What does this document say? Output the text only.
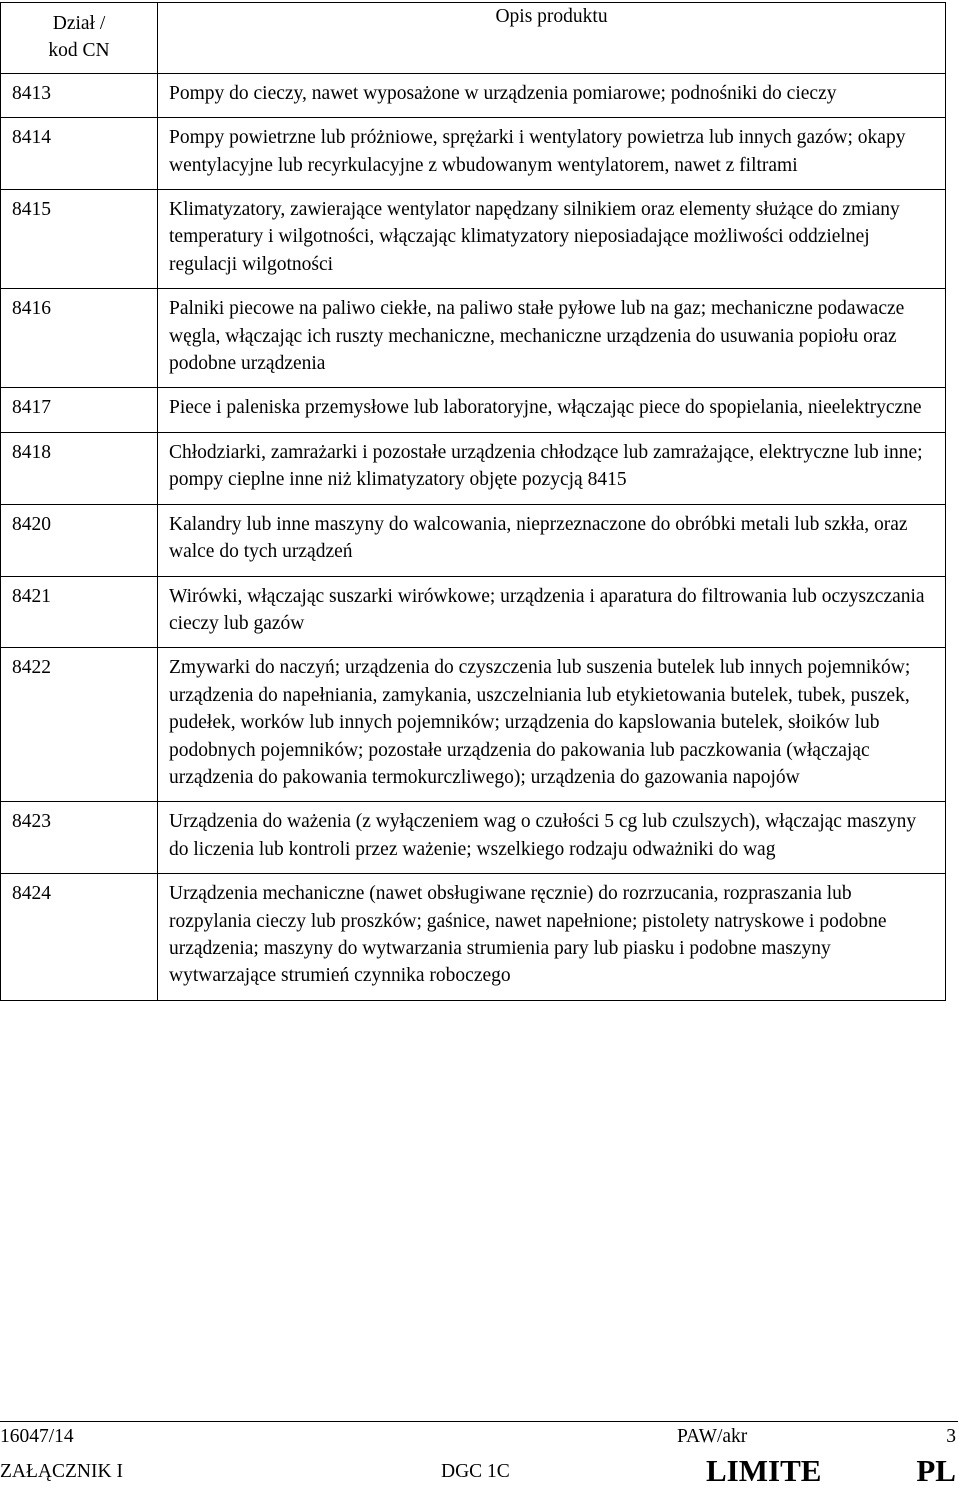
Dział /
kod CN	Opis produktu
8413	Pompy do cieczy, nawet wyposażone w urządzenia pomiarowe; podnośniki do cieczy
8414	Pompy powietrzne lub próżniowe, sprężarki i wentylatory powietrza lub innych gazów; okapy wentylacyjne lub recyrkulacyjne z wbudowanym wentylatorem, nawet z filtrami
8415	Klimatyzatory, zawierające wentylator napędzany silnikiem oraz elementy służące do zmiany temperatury i wilgotności, włączając klimatyzatory nieposiadające możliwości oddzielnej regulacji wilgotności
8416	Palniki piecowe na paliwo ciekłe, na paliwo stałe pyłowe lub na gaz; mechaniczne podawacze węgla, włączając ich ruszty mechaniczne, mechaniczne urządzenia do usuwania popiołu oraz podobne urządzenia
8417	Piece i paleniska przemysłowe lub laboratoryjne, włączając piece do spopielania, nieelektryczne
8418	Chłodziarki, zamrażarki i pozostałe urządzenia chłodzące lub zamrażające, elektryczne lub inne; pompy cieplne inne niż klimatyzatory objęte pozycją 8415
8420	Kalandry lub inne maszyny do walcowania, nieprzeznaczone do obróbki metali lub szkła, oraz walce do tych urządzeń
8421	Wirówki, włączając suszarki wirówkowe; urządzenia i aparatura do filtrowania lub oczyszczania cieczy lub gazów
8422	Zmywarki do naczyń; urządzenia do czyszczenia lub suszenia butelek lub innych pojemników; urządzenia do napełniania, zamykania, uszczelniania lub etykietowania butelek, tubek, puszek, pudełek, worków lub innych pojemników; urządzenia do kapslowania butelek, słoików lub podobnych pojemników; pozostałe urządzenia do pakowania lub paczkowania (włączając urządzenia do pakowania termokurczliwego); urządzenia do gazowania napojów
8423	Urządzenia do ważenia (z wyłączeniem wag o czułości 5 cg lub czulszych), włączając maszyny do liczenia lub kontroli przez ważenie; wszelkiego rodzaju odważniki do wag
8424	Urządzenia mechaniczne (nawet obsługiwane ręcznie) do rozrzucania, rozpraszania lub rozpylania cieczy lub proszków; gaśnice, nawet napełnione; pistolety natryskowe i podobne urządzenia; maszyny do wytwarzania strumienia pary lub piasku i podobne maszyny wytwarzające strumień czynnika roboczego
16047/14	PAW/akr	3
ZAŁĄCZNIK I	DGC 1C	LIMITE	PL
